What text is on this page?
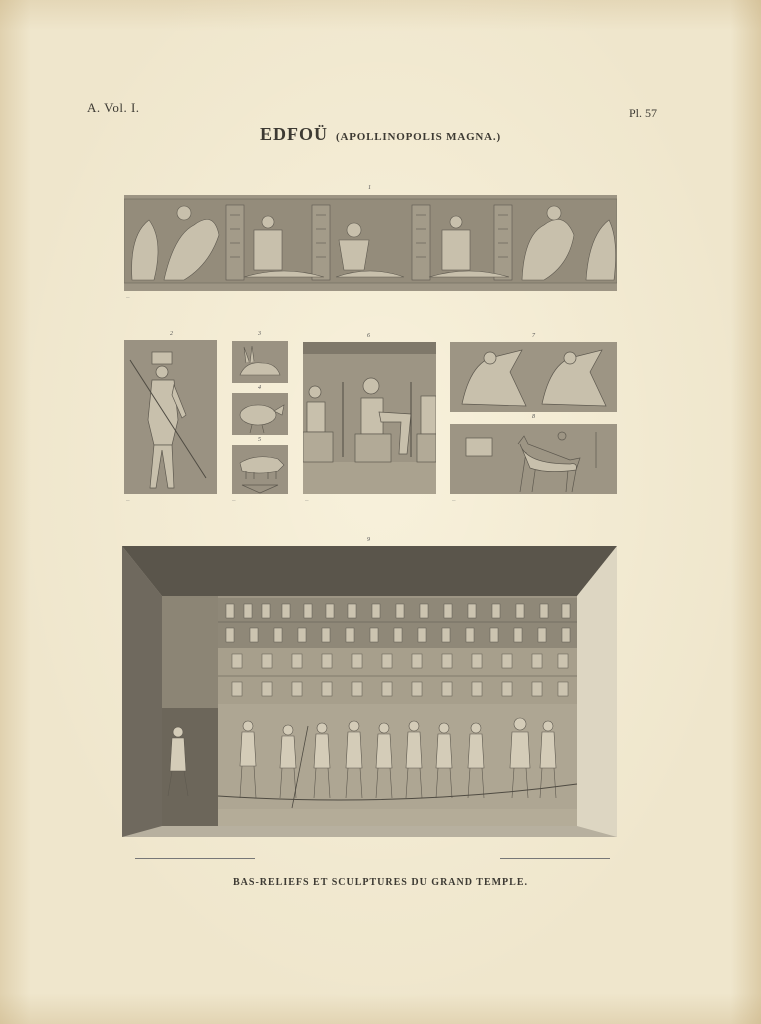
A. Vol. I.	Pl. 57
EDFOÜ (APOLLINOPOLIS MAGNA.)
1
2	3
4
5
6	7
8
9
—
—	—	—	—
BAS-RELIEFS ET SCULPTURES DU GRAND TEMPLE.
